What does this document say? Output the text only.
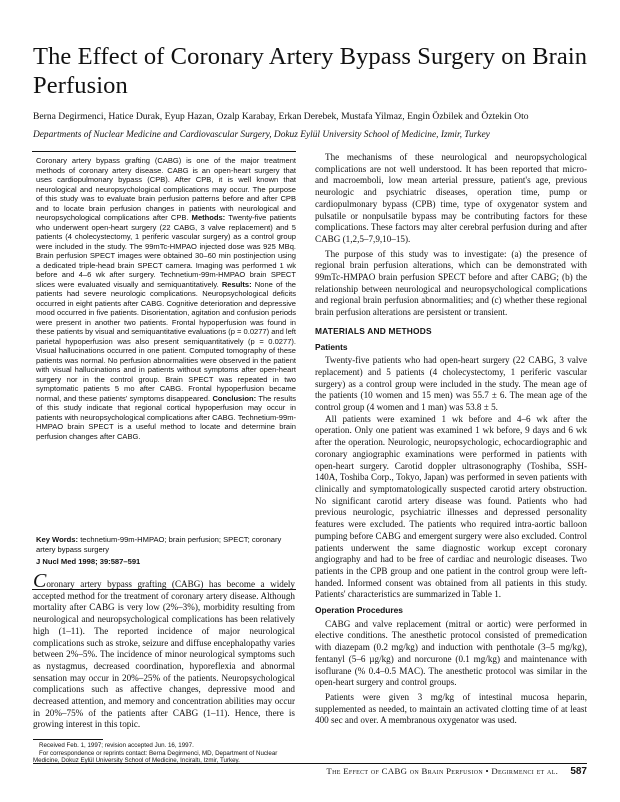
The Effect of Coronary Artery Bypass Surgery on Brain Perfusion
Berna Degirmenci, Hatice Durak, Eyup Hazan, Ozalp Karabay, Erkan Derebek, Mustafa Yilmaz, Engin Özbilek and Öztekin Oto
Departments of Nuclear Medicine and Cardiovascular Surgery, Dokuz Eylül University School of Medicine, Izmir, Turkey

Coronary artery bypass grafting (CABG) is one of the major treatment methods of coronary artery disease. CABG is an open-heart surgery that uses cardiopulmonary bypass (CPB). After CPB, it is well known that neurological and neuropsychological complications may occur. The purpose of this study was to evaluate brain perfusion patterns before and after CPB and to locate brain perfusion changes in patients with neurological and neuropsychological complications after CPB. Methods: Twenty-five patients who underwent open-heart surgery (22 CABG, 3 valve replacement) and 5 patients (4 cholecystectomy, 1 periferic vascular surgery) as a control group were included in the study. The 99mTc-HMPAO injected dose was 925 MBq. Brain perfusion SPECT images were obtained 30–60 min postinjection using a dedicated triple-head brain SPECT camera. Imaging was performed 1 wk before and 4–6 wk after surgery. Technetium-99m-HMPAO brain SPECT slices were evaluated visually and semiquantitatively. Results: None of the patients had severe neurologic complications. Neuropsychological deficits occurred in eight patients after CABG. Cognitive deterioration and depressive mood occurred in five patients. Disorientation, agitation and confusion periods were present in another two patients. Frontal hypoperfusion was found in these patients by visual and semiquantitative evaluations (p = 0.0277) and left parietal hypoperfusion was also present semiquantitatively (p = 0.0277). Visual hallucinations occurred in one patient. Computed tomography of these patients was normal. No perfusion abnormalities were observed in the patient with visual hallucinations and in patients without symptoms after open-heart surgery nor in the control group. Brain SPECT was repeated in two symptomatic patients 5 mo after CABG. Frontal hypoperfusion became normal, and these patients' symptoms disappeared. Conclusion: The results of this study indicate that regional cortical hypoperfusion may occur in patients with neuropsychological complications after CABG. Technetium-99m-HMPAO brain SPECT is a useful method to locate and determine brain perfusion changes after CABG.

Key Words: technetium-99m-HMPAO; brain perfusion; SPECT; coronary artery bypass surgery
J Nucl Med 1998; 39:587–591

Coronary artery bypass grafting (CABG) has become a widely accepted method for the treatment of coronary artery disease. Although mortality after CABG is very low (2%–3%), morbidity resulting from neurological and neuropsychological complications has been relatively high (1–11). The reported incidence of major neurological complications such as stroke, seizure and diffuse encephalopathy varies between 2%–5%. The incidence of minor neurological symptoms such as nystagmus, decreased coordination, hyporeflexia and abnormal sensation may occur in 20%–25% of the patients. Neuropsychological complications such as affective changes, depressive mood and decreased attention, and memory and concentration abilities may occur in 20%–75% of the patients after CABG (1–11). Hence, there is growing interest in this topic.

Received Feb. 1, 1997; revision accepted Jun. 16, 1997.

For correspondence or reprints contact: Berna Degirmenci, MD, Department of Nuclear Medicine, Dokuz Eylül University School of Medicine, Inciraltı, Izmir, Turkey.

The mechanisms of these neurological and neuropsychological complications are not well understood. It has been reported that micro- and macroemboli, low mean arterial pressure, patient's age, previous neurologic and psychiatric diseases, operation time, pump or cardiopulmonary bypass (CPB) time, type of oxygenator system and pulsatile or nonpulsatile bypass may be contributing factors for these complications. These factors may alter cerebral perfusion during and after CABG (1,2,5–7,9,10–15).

The purpose of this study was to investigate: (a) the presence of regional brain perfusion alterations, which can be demonstrated with 99mTc-HMPAO brain perfusion SPECT before and after CABG; (b) the relationship between neurological and neuropsychological complications and regional brain perfusion abnormalities; and (c) whether these regional brain perfusion alterations are persistent or transient.

MATERIALS AND METHODS
Patients

Twenty-five patients who had open-heart surgery (22 CABG, 3 valve replacement) and 5 patients (4 cholecystectomy, 1 periferic vascular surgery) as a control group were included in the study. The mean age of the patients (10 women and 15 men) was 55.7 ± 6. The mean age of the control group (4 women and 1 man) was 53.8 ± 5.

All patients were examined 1 wk before and 4–6 wk after the operation. Only one patient was examined 1 wk before, 9 days and 6 wk after the operation. Neurologic, neuropsychologic, echocardiographic and coronary angiographic examinations were performed in patients with open-heart surgery. Carotid doppler ultrasonography (Toshiba, SSH-140A, Toshiba Corp., Tokyo, Japan) was performed in seven patients with clinically and symptomatologically suspected carotid artery obstruction. No significant carotid artery disease was found. Patients who had previous neurologic, psychiatric illnesses and depressed personality features were excluded. The patients who required intra-aortic balloon pumping before CABG and emergent surgery were also excluded. Control patients underwent the same diagnostic workup except coronary angiography and had to be free of cardiac and neurologic diseases. Two patients in the CPB group and one patient in the control group were left-handed. Informed consent was obtained from all patients in this study. Patients' characteristics are summarized in Table 1.

Operation Procedures

CABG and valve replacement (mitral or aortic) were performed in elective conditions. The anesthetic protocol consisted of premedication with diazepam (0.2 mg/kg) and induction with penthotale (3–5 mg/kg), fentanyl (5–6 µg/kg) and norcurone (0.1 mg/kg) and maintenance with isoflurane (% 0.4–0.5 MAC). The anesthetic protocol was similar in the open-heart surgery and control groups.

Patients were given 3 mg/kg of intestinal mucosa heparin, supplemented as needed, to maintain an activated clotting time of at least 400 sec and over. A membranous oxygenator was used.

The Effect of CABG on Brain Perfusion • Degirmenci et al. 587
